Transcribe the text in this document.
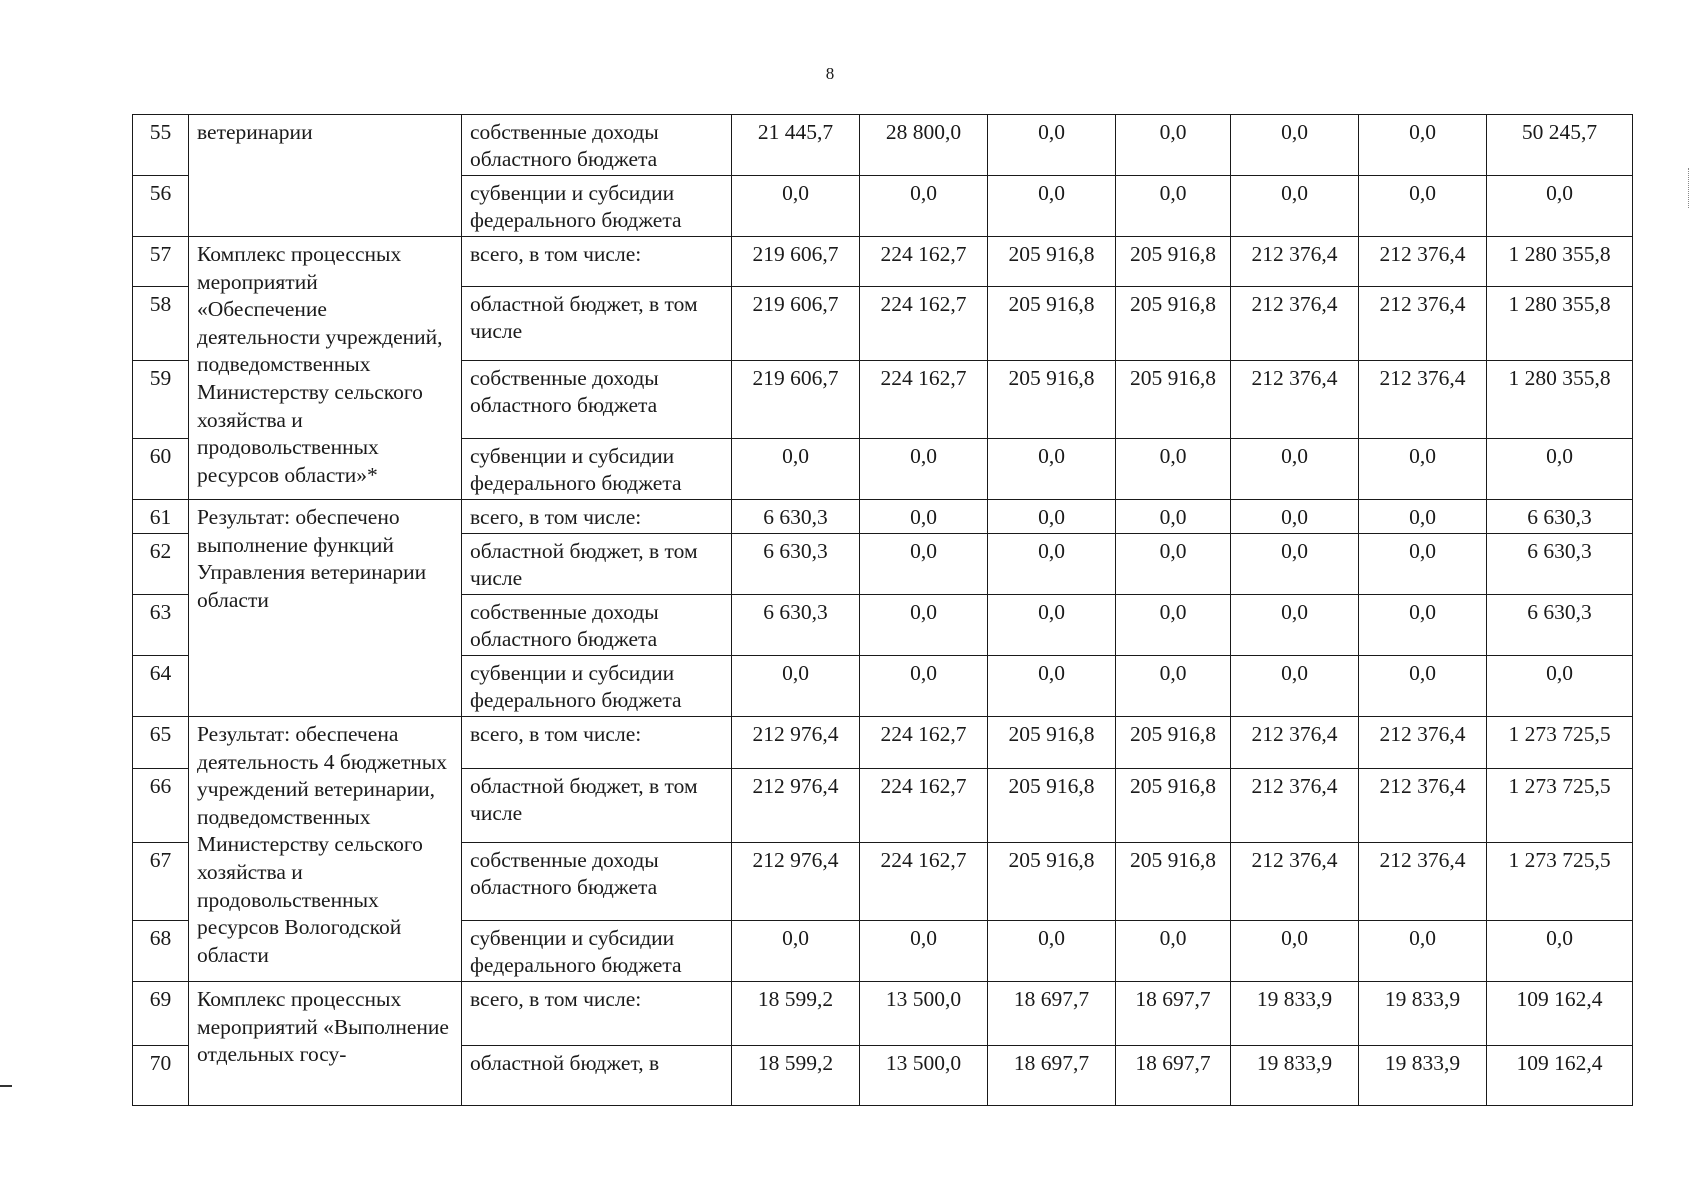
8
55	ветеринарии	собственные доходы областного бюджета	21 445,7	28 800,0	0,0	0,0	0,0	0,0	50 245,7
56		субвенции и субсидии федерального бюджета	0,0	0,0	0,0	0,0	0,0	0,0	0,0
57	Комплекс процессных мероприятий «Обеспечение деятельности учреждений, подведомственных Министерству сельского хозяйства и продовольственных ресурсов области»*	всего, в том числе:	219 606,7	224 162,7	205 916,8	205 916,8	212 376,4	212 376,4	1 280 355,8
58		областной бюджет, в том числе	219 606,7	224 162,7	205 916,8	205 916,8	212 376,4	212 376,4	1 280 355,8
59		собственные доходы областного бюджета	219 606,7	224 162,7	205 916,8	205 916,8	212 376,4	212 376,4	1 280 355,8
60		субвенции и субсидии федерального бюджета	0,0	0,0	0,0	0,0	0,0	0,0	0,0
61	Результат: обеспечено выполнение функций Управления ветеринарии области	всего, в том числе:	6 630,3	0,0	0,0	0,0	0,0	0,0	6 630,3
62		областной бюджет, в том числе	6 630,3	0,0	0,0	0,0	0,0	0,0	6 630,3
63		собственные доходы областного бюджета	6 630,3	0,0	0,0	0,0	0,0	0,0	6 630,3
64		субвенции и субсидии федерального бюджета	0,0	0,0	0,0	0,0	0,0	0,0	0,0
65	Результат: обеспечена деятельность 4 бюджетных учреждений ветеринарии, подведомственных Министерству сельского хозяйства и продовольственных ресурсов Вологодской области	всего, в том числе:	212 976,4	224 162,7	205 916,8	205 916,8	212 376,4	212 376,4	1 273 725,5
66		областной бюджет, в том числе	212 976,4	224 162,7	205 916,8	205 916,8	212 376,4	212 376,4	1 273 725,5
67		собственные доходы областного бюджета	212 976,4	224 162,7	205 916,8	205 916,8	212 376,4	212 376,4	1 273 725,5
68		субвенции и субсидии федерального бюджета	0,0	0,0	0,0	0,0	0,0	0,0	0,0
69	Комплекс процессных мероприятий «Выполнение отдельных госу-	всего, в том числе:	18 599,2	13 500,0	18 697,7	18 697,7	19 833,9	19 833,9	109 162,4
70		областной бюджет, в	18 599,2	13 500,0	18 697,7	18 697,7	19 833,9	19 833,9	109 162,4
